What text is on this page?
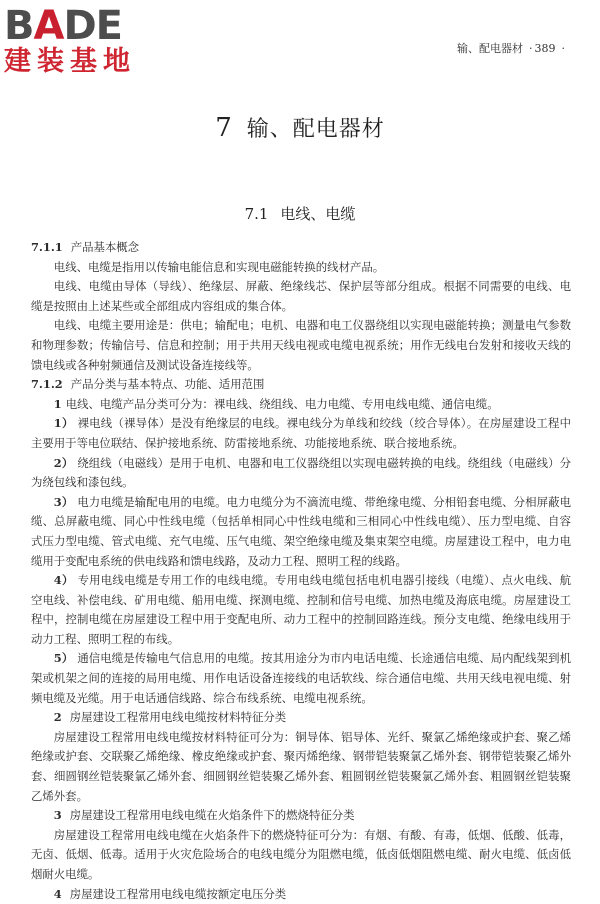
BADE
建装基地	输、配电器材 · 389 ·
7 输、配电器材
7.1 电线、电缆

7.1.1 产品基本概念

电线、电缆是指用以传输电能信息和实现电磁能转换的线材产品。

电线、电缆由导体（导线）、绝缘层、屏蔽、绝缘线芯、保护层等部分组成。根据不同需要的电线、电缆是按照由上述某些或全部组成内容组成的集合体。

电线、电缆主要用途是：供电；输配电；电机、电器和电工仪器绕组以实现电磁能转换；测量电气参数和物理参数；传输信号、信息和控制；用于共用天线电视或电缆电视系统；用作无线电台发射和接收天线的馈电线或各种射频通信及测试设备连接线等。

7.1.2 产品分类与基本特点、功能、适用范围

1 电线、电缆产品分类可分为：裸电线、绕组线、电力电缆、专用电线电缆、通信电缆。

1） 裸电线（裸导体）是没有绝缘层的电线。裸电线分为单线和绞线（绞合导体）。在房屋建设工程中主要用于等电位联结、保护接地系统、防雷接地系统、功能接地系统、联合接地系统。

2） 绕组线（电磁线）是用于电机、电器和电工仪器绕组以实现电磁转换的电线。绕组线（电磁线）分为绕包线和漆包线。

3） 电力电缆是输配电用的电缆。电力电缆分为不滴流电缆、带绝缘电缆、分相铅套电缆、分相屏蔽电缆、总屏蔽电缆、同心中性线电缆（包括单相同心中性线电缆和三相同心中性线电缆）、压力型电缆、自容式压力型电缆、管式电缆、充气电缆、压气电缆、架空绝缘电缆及集束架空电缆。房屋建设工程中，电力电缆用于变配电系统的供电线路和馈电线路，及动力工程、照明工程的线路。

4） 专用电线电缆是专用工作的电线电缆。专用电线电缆包括电机电器引接线（电缆）、点火电线、航空电线、补偿电线、矿用电缆、船用电缆、探测电缆、控制和信号电缆、加热电缆及海底电缆。房屋建设工程中，控制电缆在房屋建设工程中用于变配电所、动力工程中的控制回路连线。预分支电缆、绝缘电线用于动力工程、照明工程的布线。

5） 通信电缆是传输电气信息用的电缆。按其用途分为市内电话电缆、长途通信电缆、局内配线架到机架或机架之间的连接的局用电缆、用作电话设备连接线的电话软线、综合通信电缆、共用天线电视电缆、射频电缆及光缆。用于电话通信线路、综合布线系统、电缆电视系统。

2 房屋建设工程常用电线电缆按材料特征分类

房屋建设工程常用电线电缆按材料特征可分为：铜导体、铝导体、光纤、聚氯乙烯绝缘或护套、聚乙烯绝缘或护套、交联聚乙烯绝缘、橡皮绝缘或护套、聚丙烯绝缘、钢带铠装聚氯乙烯外套、钢带铠装聚乙烯外套、细圆钢丝铠装聚氯乙烯外套、细圆钢丝铠装聚乙烯外套、粗圆钢丝铠装聚氯乙烯外套、粗圆钢丝铠装聚乙烯外套。

3 房屋建设工程常用电线电缆在火焰条件下的燃烧特征分类

房屋建设工程常用电线电缆在火焰条件下的燃烧特征可分为：有烟、有酸、有毒，低烟、低酸、低毒，无卤、低烟、低毒。适用于火灾危险场合的电线电缆分为阻燃电缆，低卤低烟阻燃电缆、耐火电缆、低卤低烟耐火电缆。

4 房屋建设工程常用电线电缆按额定电压分类
